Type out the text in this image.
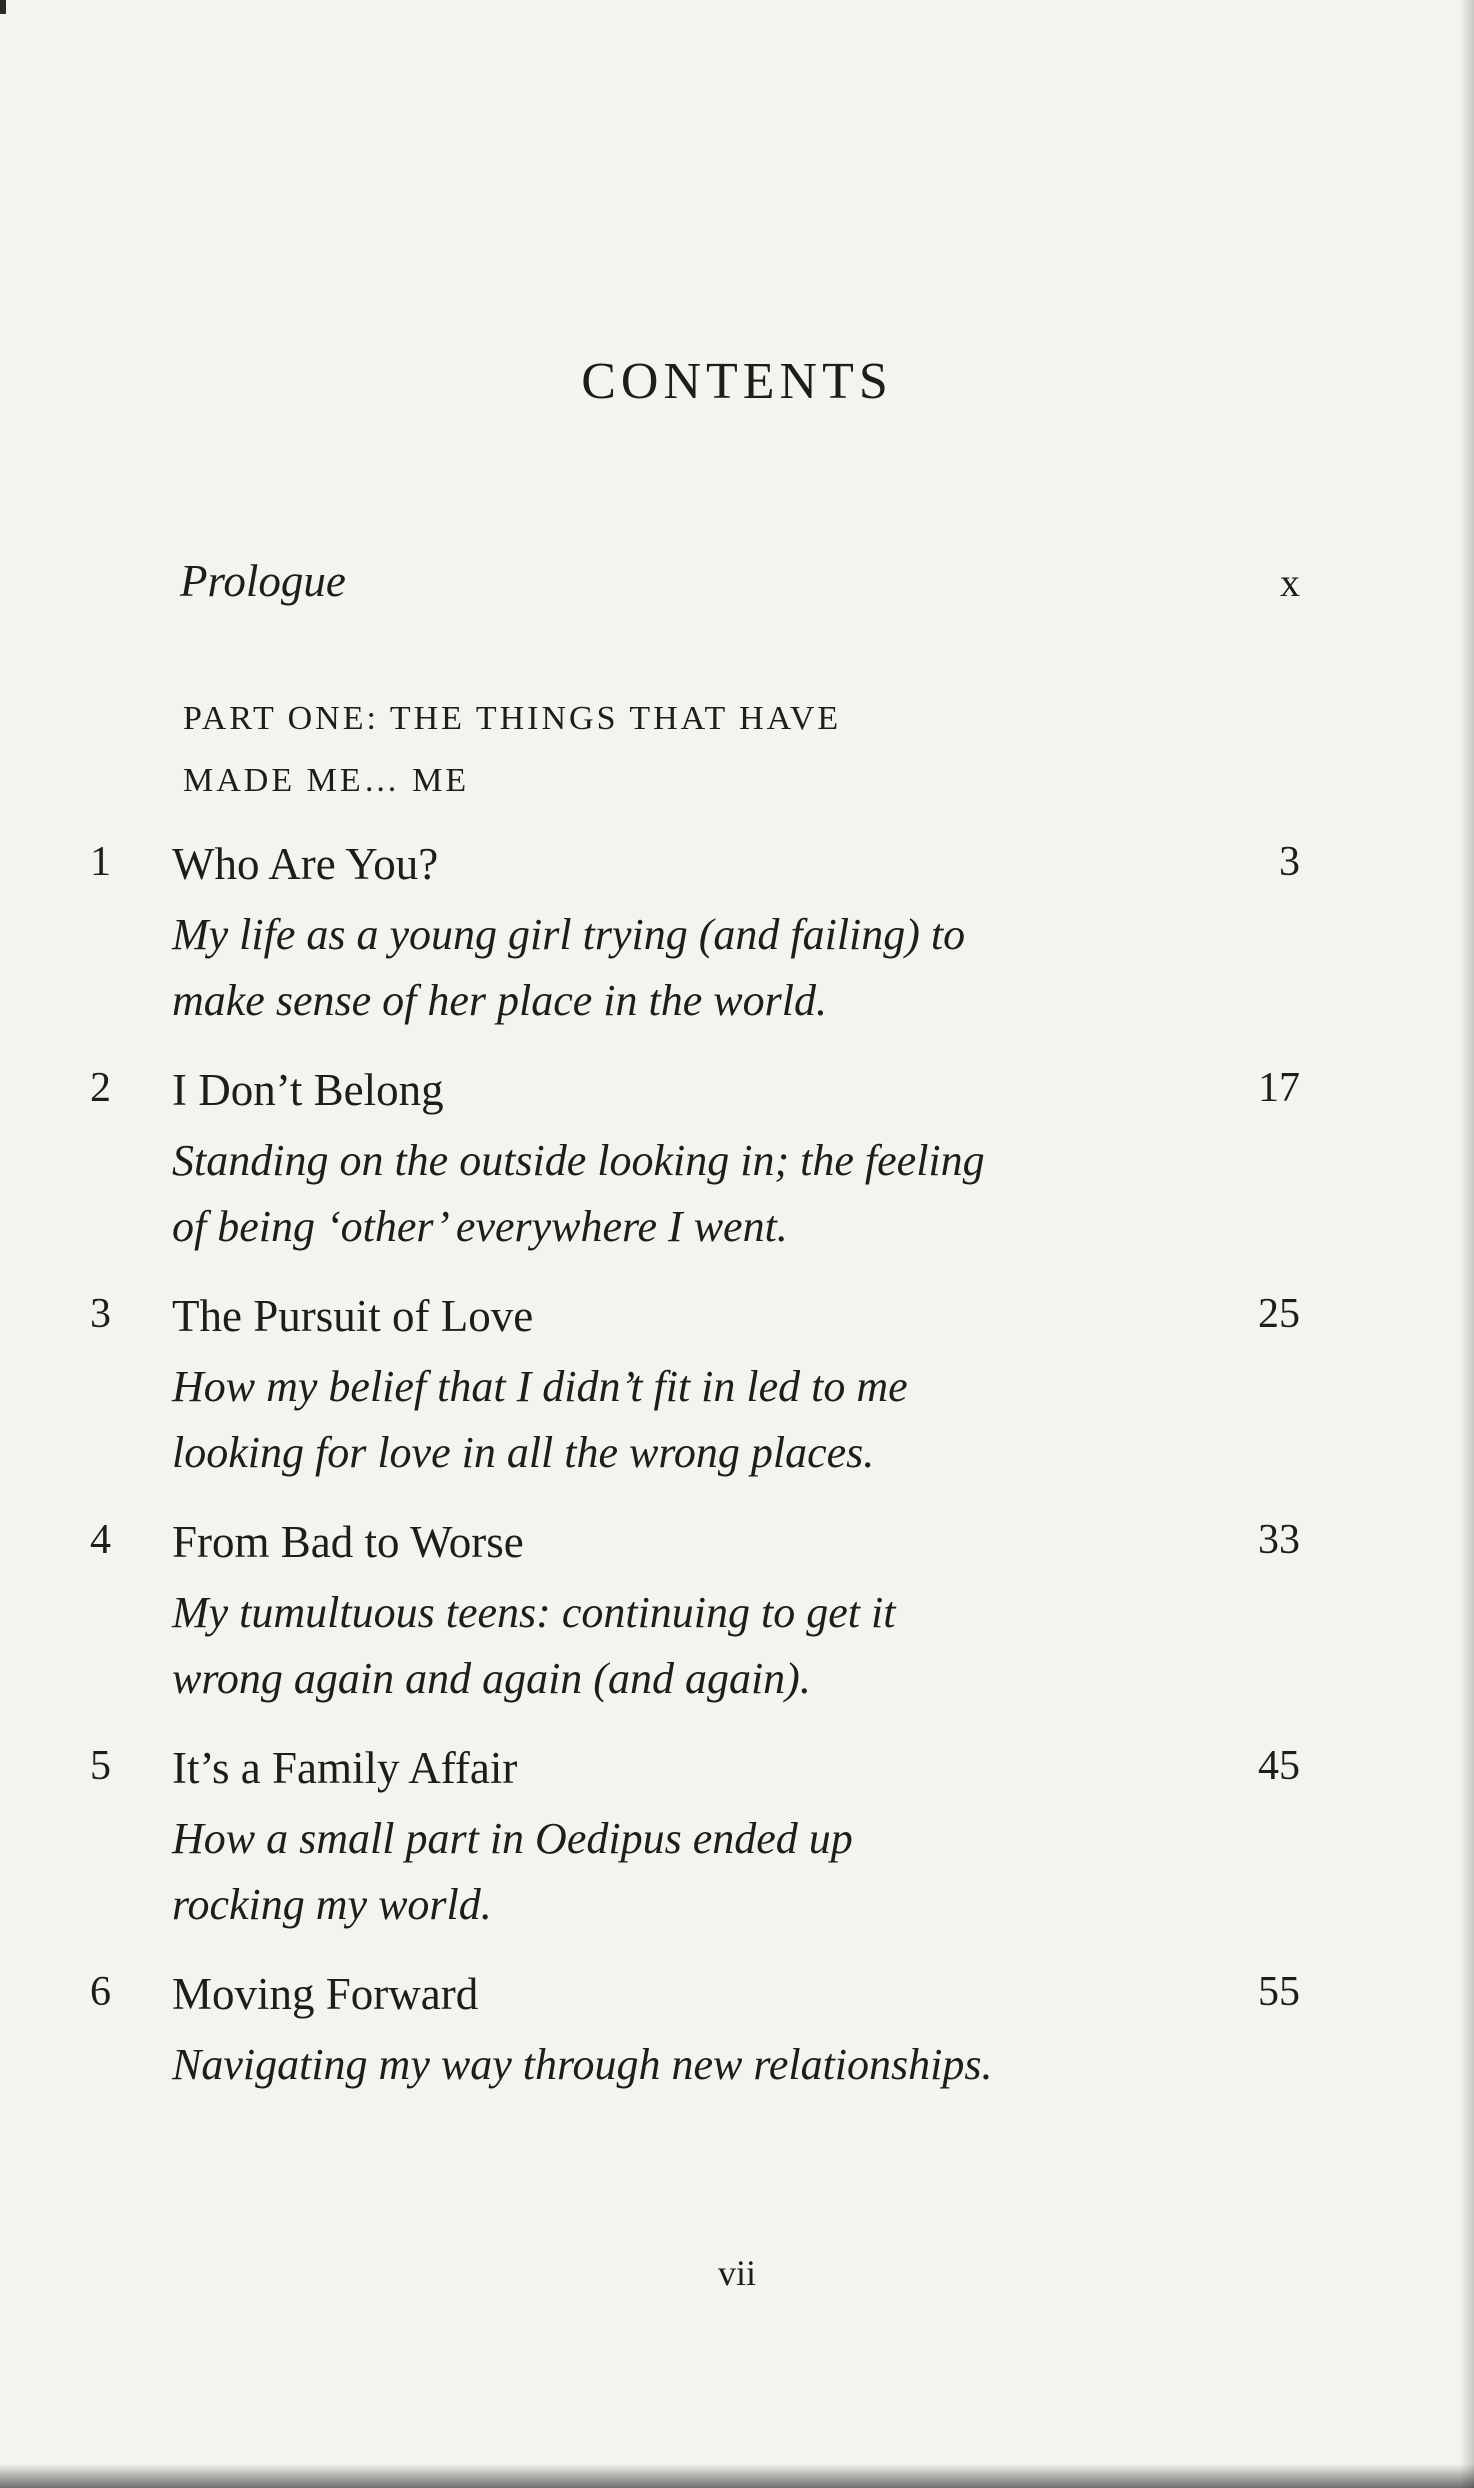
CONTENTS
Prologue	x
PART ONE: THE THINGS THAT HAVE
MADE ME… ME
1 Who Are You?	3
My life as a young girl trying (and failing) to
make sense of her place in the world.
2 I Don’t Belong	17
Standing on the outside looking in; the feeling
of being ‘other’ everywhere I went.
3 The Pursuit of Love	25
How my belief that I didn’t fit in led to me
looking for love in all the wrong places.
4 From Bad to Worse	33
My tumultuous teens: continuing to get it
wrong again and again (and again).
5 It’s a Family Affair	45
How a small part in Oedipus ended up
rocking my world.
6 Moving Forward	55
Navigating my way through new relationships.
vii
